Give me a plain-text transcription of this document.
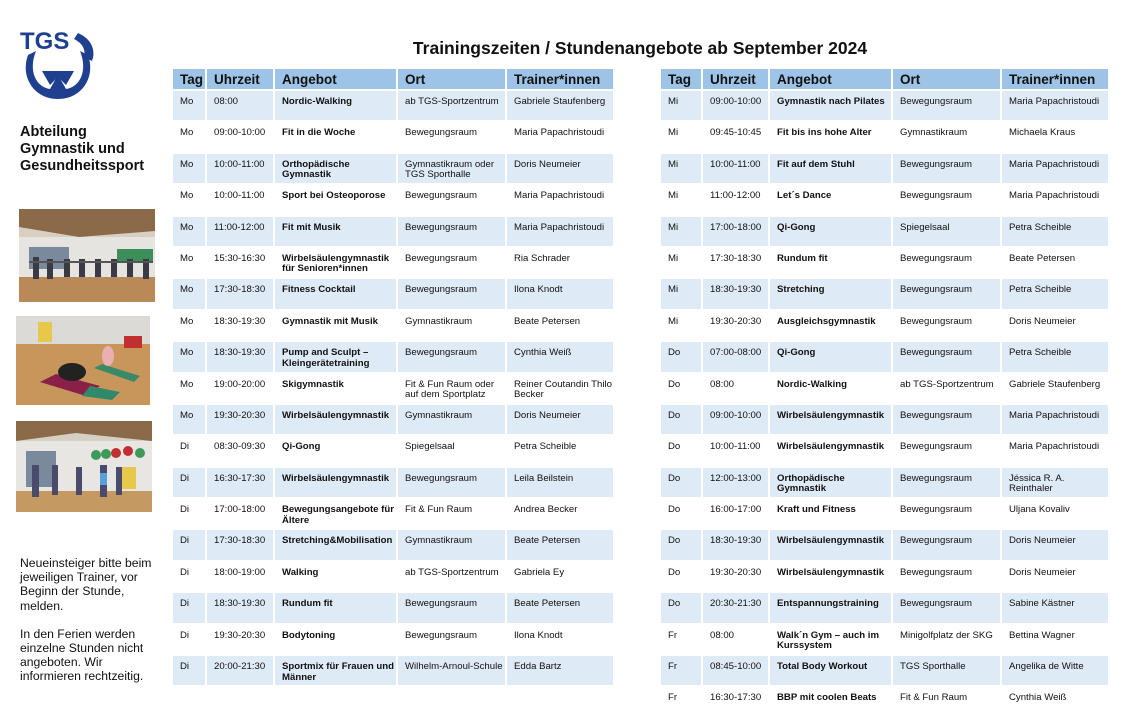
TGS
Abteilung
Gymnastik und
Gesundheitssport

Neueinsteiger bitte beim jeweiligen Trainer, vor Beginn der Stunde, melden.

In den Ferien werden einzelne Stunden nicht angeboten. Wir informieren rechtzeitig.

Trainingszeiten / Stundenangebote ab September 2024
Tag	Uhrzeit	Angebot	Ort	Trainer*innen
Mo	08:00	Nordic-Walking	ab TGS-Sportzentrum	Gabriele Staufenberg
Mo	09:00-10:00	Fit in die Woche	Bewegungsraum	Maria Papachristoudi
Mo	10:00-11:00	Orthopädische Gymnastik	Gymnastikraum oder TGS Sporthalle	Doris Neumeier
Mo	10:00-11:00	Sport bei Osteoporose	Bewegungsraum	Maria Papachristoudi
Mo	11:00-12:00	Fit mit Musik	Bewegungsraum	Maria Papachristoudi
Mo	15:30-16:30	Wirbelsäulengymnastik für Senioren*innen	Bewegungsraum	Ria Schrader
Mo	17:30-18:30	Fitness Cocktail	Bewegungsraum	Ilona Knodt
Mo	18:30-19:30	Gymnastik mit Musik	Gymnastikraum	Beate Petersen
Mo	18:30-19:30	Pump and Sculpt – Kleingerätetraining	Bewegungsraum	Cynthia Weiß
Mo	19:00-20:00	Skigymnastik	Fit & Fun Raum oder auf dem Sportplatz	Reiner Coutandin Thilo Becker
Mo	19:30-20:30	Wirbelsäulengymnastik	Gymnastikraum	Doris Neumeier
Di	08:30-09:30	Qi-Gong	Spiegelsaal	Petra Scheible
Di	16:30-17:30	Wirbelsäulengymnastik	Bewegungsraum	Leila Beilstein
Di	17:00-18:00	Bewegungsangebote für Ältere	Fit & Fun Raum	Andrea Becker
Di	17:30-18:30	Stretching&Mobilisation	Gymnastikraum	Beate Petersen
Di	18:00-19:00	Walking	ab TGS-Sportzentrum	Gabriela Ey
Di	18:30-19:30	Rundum fit	Bewegungsraum	Beate Petersen
Di	19:30-20:30	Bodytoning	Bewegungsraum	Ilona Knodt
Di	20:00-21:30	Sportmix für Frauen und Männer	Wilhelm-Arnoul-Schule	Edda Bartz
Tag	Uhrzeit	Angebot	Ort	Trainer*innen
Mi	09:00-10:00	Gymnastik nach Pilates	Bewegungsraum	Maria Papachristoudi
Mi	09:45-10:45	Fit bis ins hohe Alter	Gymnastikraum	Michaela Kraus
Mi	10:00-11:00	Fit auf dem Stuhl	Bewegungsraum	Maria Papachristoudi
Mi	11:00-12:00	Let´s Dance	Bewegungsraum	Maria Papachristoudi
Mi	17:00-18:00	Qi-Gong	Spiegelsaal	Petra Scheible
Mi	17:30-18:30	Rundum fit	Bewegungsraum	Beate Petersen
Mi	18:30-19:30	Stretching	Bewegungsraum	Petra Scheible
Mi	19:30-20:30	Ausgleichsgymnastik	Bewegungsraum	Doris Neumeier
Do	07:00-08:00	Qi-Gong	Bewegungsraum	Petra Scheible
Do	08:00	Nordic-Walking	ab TGS-Sportzentrum	Gabriele Staufenberg
Do	09:00-10:00	Wirbelsäulengymnastik	Bewegungsraum	Maria Papachristoudi
Do	10:00-11:00	Wirbelsäulengymnastik	Bewegungsraum	Maria Papachristoudi
Do	12:00-13:00	Orthopädische Gymnastik	Bewegungsraum	Jéssica R. A. Reinthaler
Do	16:00-17:00	Kraft und Fitness	Bewegungsraum	Uljana Kovaliv
Do	18:30-19:30	Wirbelsäulengymnastik	Bewegungsraum	Doris Neumeier
Do	19:30-20:30	Wirbelsäulengymnastik	Bewegungsraum	Doris Neumeier
Do	20:30-21:30	Entspannungstraining	Bewegungsraum	Sabine Kästner
Fr	08:00	Walk´n Gym – auch im Kurssystem	Minigolfplatz der SKG	Bettina Wagner
Fr	08:45-10:00	Total Body Workout	TGS Sporthalle	Angelika de Witte
Fr	16:30-17:30	BBP mit coolen Beats	Fit & Fun Raum	Cynthia Weiß
